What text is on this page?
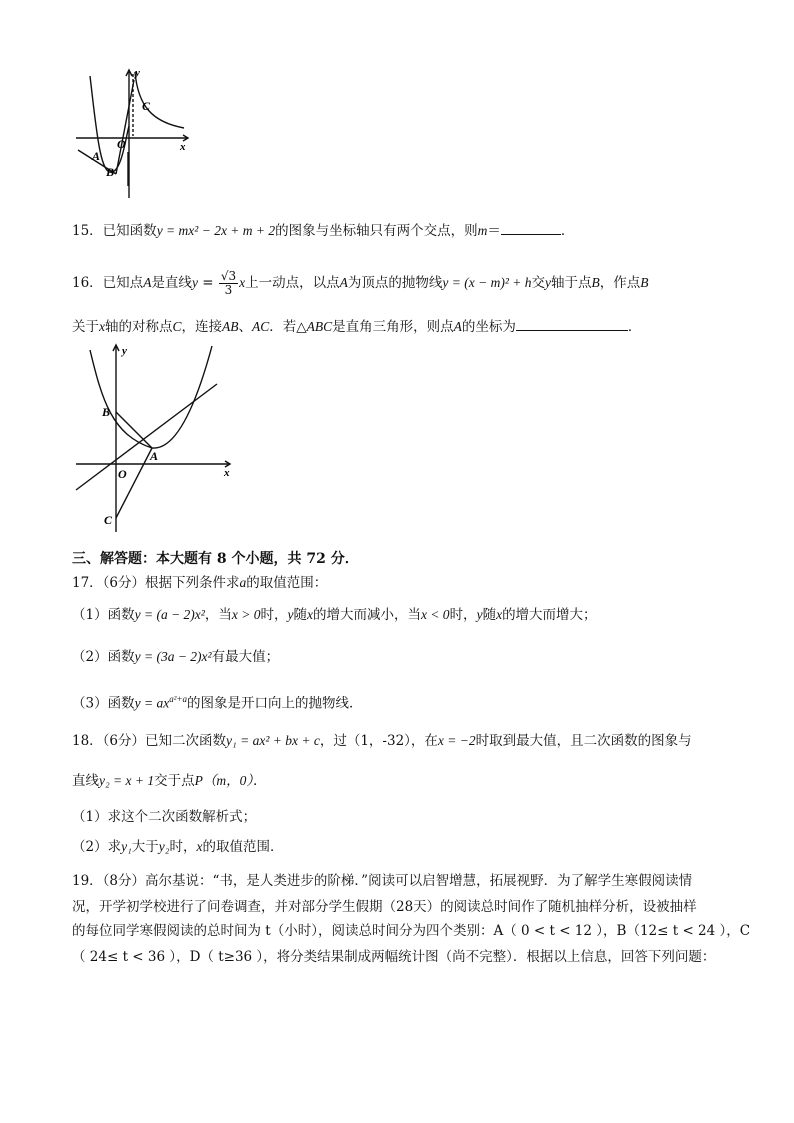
y
x
C
O
A
B
15．已知函数y = mx² − 2x + m + 2的图象与坐标轴只有两个交点，则m＝	．
16．已知点A是直线$y = \frac{√3}{3}$ x上一动点，以点A为顶点的抛物线y = (x − m)² + h交y轴于点B，作点B
关于x轴的对称点C，连接AB、AC．若△ABC是直角三角形，则点A的坐标为	．
y
x
B
A
O
C
三、解答题：本大题有 8 个小题，共 72 分．
17．（6分）根据下列条件求a的取值范围：
（1）函数y = (a − 2)x²，当x > 0时，y随x的增大而减小，当x < 0时，y随x的增大而增大；
（2）函数y = (3a − 2)x²有最大值；
（3）函数$y = ax^{a^2+a}$的图象是开口向上的抛物线．
18．（6分）已知二次函数y₁ = ax² + bx + c，过（1，-32），在x = −2时取到最大值，且二次函数的图象与
直线y₂ = x + 1交于点P（m，0）．
（1）求这个二次函数解析式；
（2）求y₁大于y₂时，x的取值范围．
19．（8分）高尔基说：“书，是人类进步的阶梯．”阅读可以启智增慧，拓展视野．为了解学生寒假阅读情
况，开学初学校进行了问卷调查，并对部分学生假期（28天）的阅读总时间作了随机抽样分析，设被抽样
的每位同学寒假阅读的总时间为 t（小时），阅读总时间分为四个类别：A（ 0 < t < 12 ），B（12≤ t < 24 ），C
（ 24≤ t < 36 ），D（ t≥36 ），将分类结果制成两幅统计图（尚不完整）．根据以上信息，回答下列问题：
